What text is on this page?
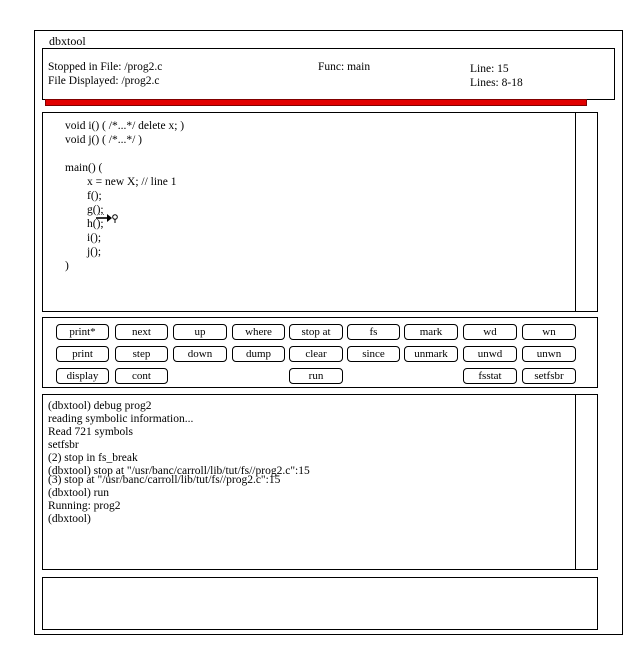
dbxtool
Stopped in File: /prog2.c
File Displayed: /prog2.c
Func: main	Line: 15
Lines: 8-18
void i() ( /*...*/ delete x; )
void j() ( /*...*/ )
main() (
x = new X; // line 1
f();
g();
h();
i();
j();
)
print*	next	up	where	stop at	fs	mark	wd	wn
print	step	down	dump	clear	since	unmark	unwd	unwn
display	cont	run	fsstat	setfsbr
(dbxtool) debug prog2
reading symbolic information...
Read 721 symbols
setfsbr
(2) stop in fs_break
(dbxtool) stop at "/usr/banc/carroll/lib/tut/fs//prog2.c":15
(3) stop at "/usr/banc/carroll/lib/tut/fs//prog2.c":15
(dbxtool) run
Running: prog2
(dbxtool)
